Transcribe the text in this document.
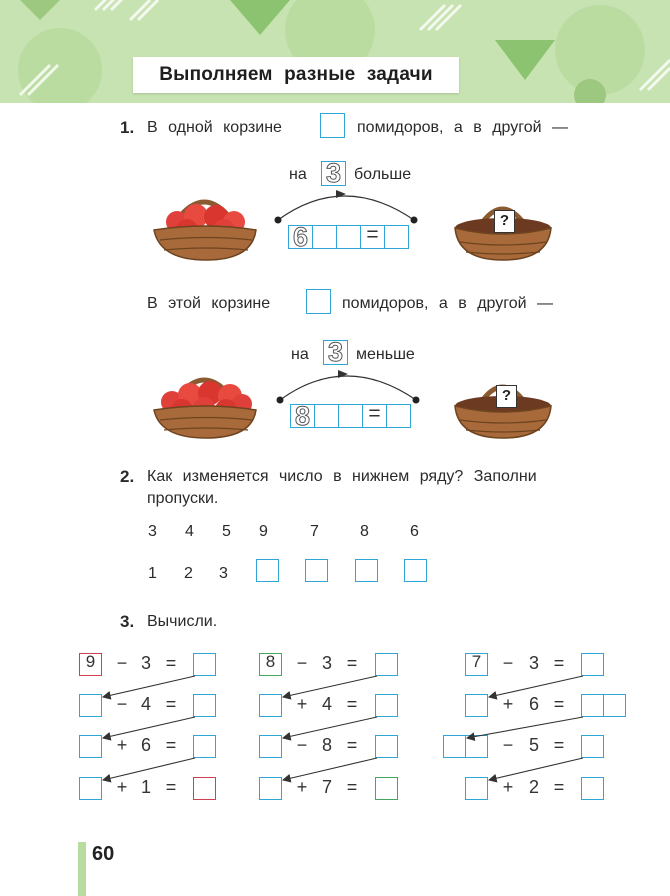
Выполняем разные задачи
1. В одной корзине	помидоров, а в другой —
на 3 больше
6	=
?
В этой корзине	помидоров, а в другой —
на 3 меньше
8	=
?
2. Как изменяется число в нижнем ряду? Заполни
пропуски.
3 4 5 9	7	8	6
1 2 3
3. Вычисли.
9	− 3 =
− 4 =
+ 6 =
+ 1 =
8	− 3 =
+ 4 =
− 8 =
+ 7 =
7	− 3 =
+ 6 =
− 5 =
+ 2 =
60
